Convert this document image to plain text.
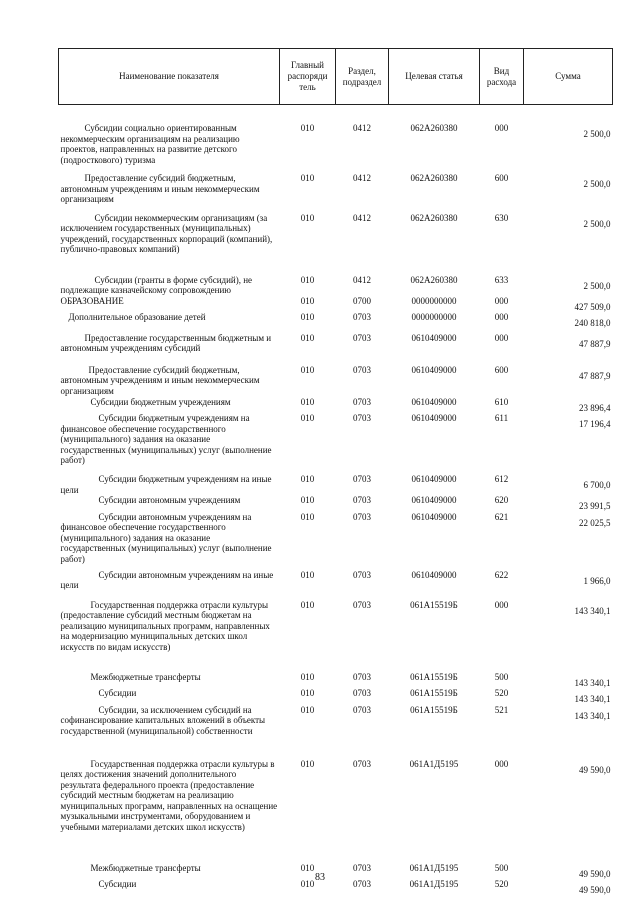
Наименование показателя	Главный распоряди тель	Раздел, подраздел	Целевая статья	Вид расхода	Сумма

Субсидии социально ориентированным некоммерческим организациям на реализацию проектов, направленных на развитие детского (подросткового) туризма	010	0412	062А260380	000	2 500,0

Предоставление субсидий бюджетным, автономным учреждениям и иным некоммерческим организациям	010	0412	062А260380	600	2 500,0

Субсидии некоммерческим организациям (за исключением государственных (муниципальных) учреждений, государственных корпораций (компаний), публично-правовых компаний)	010	0412	062А260380	630	2 500,0

Субсидии (гранты в форме субсидий), не подлежащие казначейскому сопровождению	010	0412	062А260380	633	2 500,0

ОБРАЗОВАНИЕ	010	0700	0000000000	000	427 509,0

Дополнительное образование детей	010	0703	0000000000	000	240 818,0

Предоставление государственным бюджетным и автономным учреждениям субсидий	010	0703	0610409000	000	47 887,9

Предоставление субсидий бюджетным, автономным учреждениям и иным некоммерческим организациям	010	0703	0610409000	600	47 887,9

Субсидии бюджетным учреждениям	010	0703	0610409000	610	23 896,4

Субсидии бюджетным учреждениям на финансовое обеспечение государственного (муниципального) задания на оказание государственных (муниципальных) услуг (выполнение работ)	010	0703	0610409000	611	17 196,4

Субсидии бюджетным учреждениям на иные цели	010	0703	0610409000	612	6 700,0

Субсидии автономным учреждениям	010	0703	0610409000	620	23 991,5

Субсидии автономным учреждениям на финансовое обеспечение государственного (муниципального) задания на оказание государственных (муниципальных) услуг (выполнение работ)	010	0703	0610409000	621	22 025,5

Субсидии автономным учреждениям на иные цели	010	0703	0610409000	622	1 966,0

Государственная поддержка отрасли культуры (предоставление субсидий местным бюджетам на реализацию муниципальных программ, направленных на модернизацию муниципальных детских школ искусств по видам искусств)	010	0703	061А15519Б	000	143 340,1

Межбюджетные трансферты	010	0703	061А15519Б	500	143 340,1

Субсидии	010	0703	061А15519Б	520	143 340,1

Субсидии, за исключением субсидий на софинансирование капитальных вложений в объекты государственной (муниципальной) собственности	010	0703	061А15519Б	521	143 340,1

Государственная поддержка отрасли культуры в целях достижения значений дополнительного результата федерального проекта (предоставление субсидий местным бюджетам на реализацию муниципальных программ, направленных на оснащение музыкальными инструментами, оборудованием и учебными материалами детских школ искусств)	010	0703	061А1Д5195	000	49 590,0

Межбюджетные трансферты	010	0703	061А1Д5195	500	49 590,0

Субсидии	010	0703	061А1Д5195	520	49 590,0
83
